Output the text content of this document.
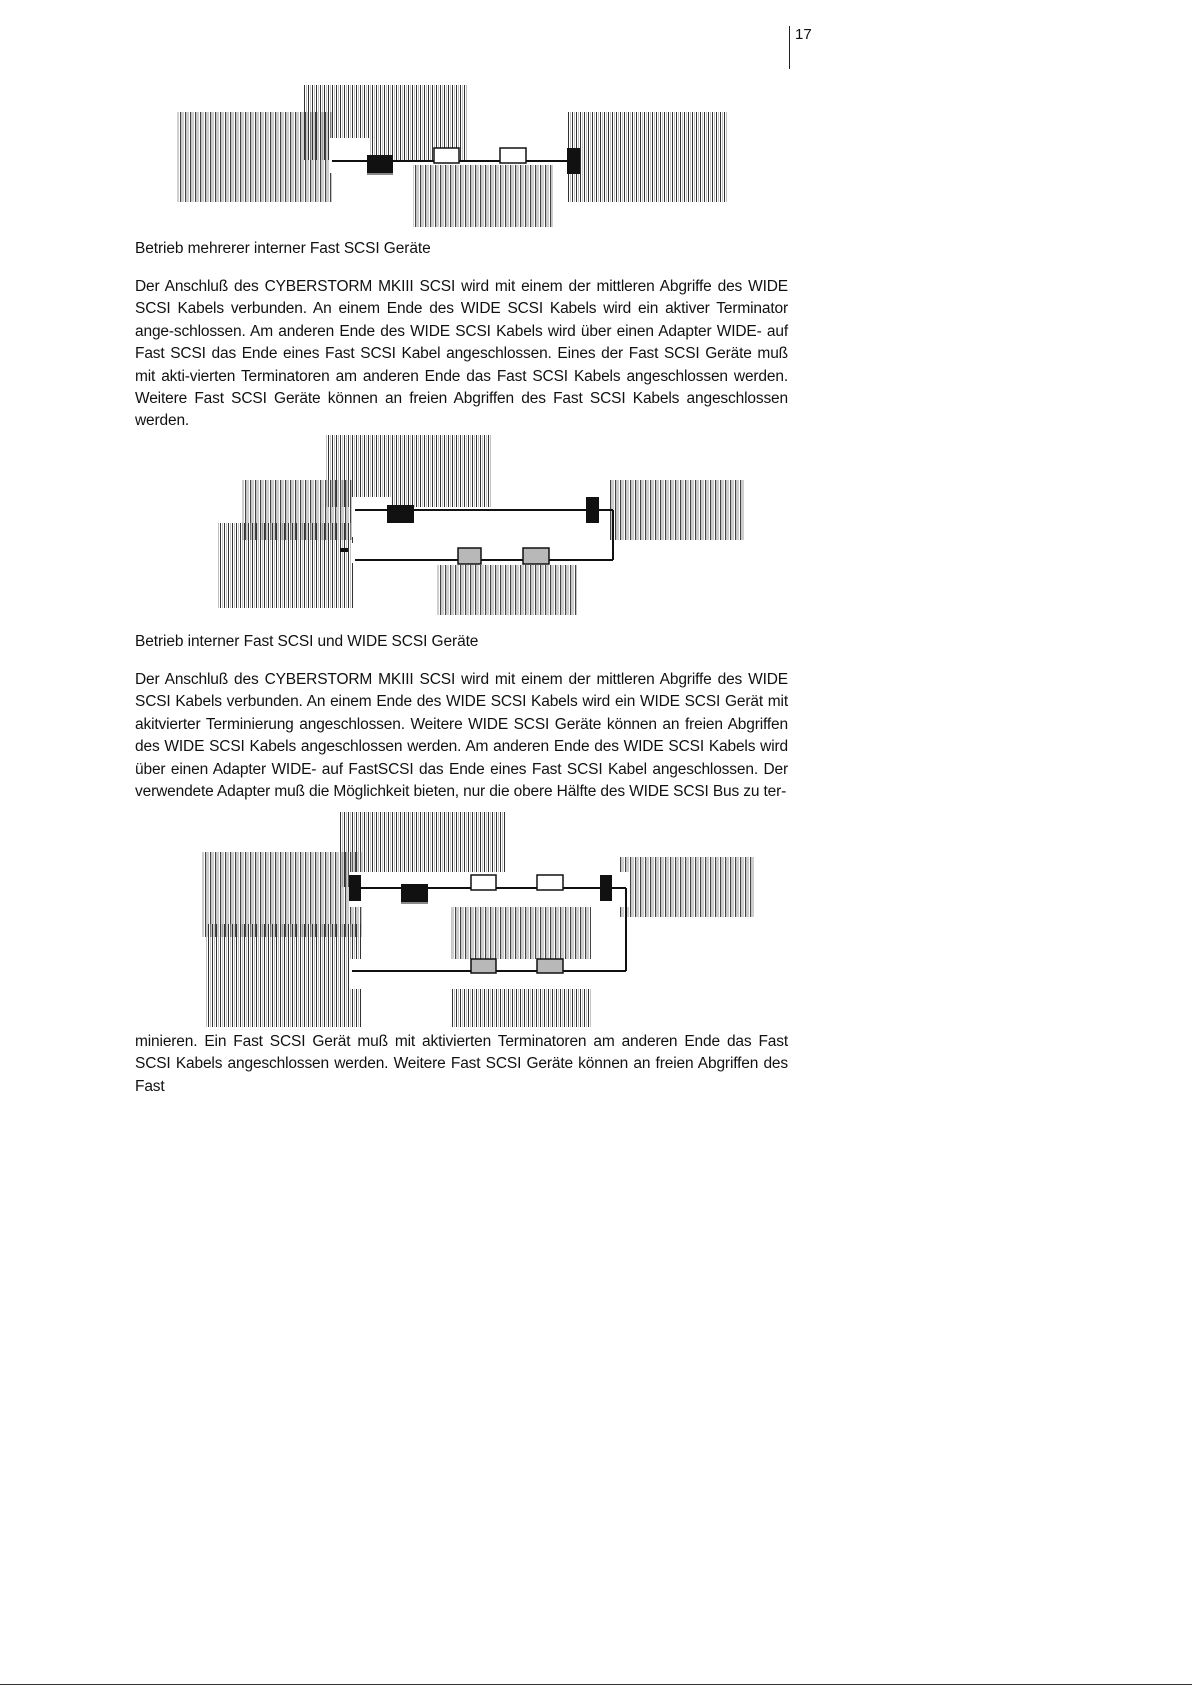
17
Betrieb mehrerer interner Fast SCSI Geräte

Der Anschluß des CYBERSTORM MKIII SCSI wird mit einem der mittleren Abgriffe des WIDE SCSI Kabels verbunden. An einem Ende des WIDE SCSI Kabels wird ein aktiver Terminator ange-schlossen. Am anderen Ende des WIDE SCSI Kabels wird über einen Adapter WIDE- auf Fast SCSI das Ende eines Fast SCSI Kabel angeschlossen. Eines der Fast SCSI Geräte muß mit akti-vierten Terminatoren am anderen Ende das Fast SCSI Kabels angeschlossen werden. Weitere Fast SCSI Geräte können an freien Abgriffen des Fast SCSI Kabels angeschlossen werden.

Betrieb interner Fast SCSI und WIDE SCSI Geräte

Der Anschluß des CYBERSTORM MKIII SCSI wird mit einem der mittleren Abgriffe des WIDE SCSI Kabels verbunden. An einem Ende des WIDE SCSI Kabels wird ein WIDE SCSI Gerät mit akitvierter Terminierung angeschlossen. Weitere WIDE SCSI Geräte können an freien Abgriffen des WIDE SCSI Kabels angeschlossen werden. Am anderen Ende des WIDE SCSI Kabels wird über einen Adapter WIDE- auf FastSCSI das Ende eines Fast SCSI Kabel angeschlossen. Der verwendete Adapter muß die Möglichkeit bieten, nur die obere Hälfte des WIDE SCSI Bus zu ter-

minieren. Ein Fast SCSI Gerät muß mit aktivierten Terminatoren am anderen Ende das Fast SCSI Kabels angeschlossen werden. Weitere Fast SCSI Geräte können an freien Abgriffen des Fast
